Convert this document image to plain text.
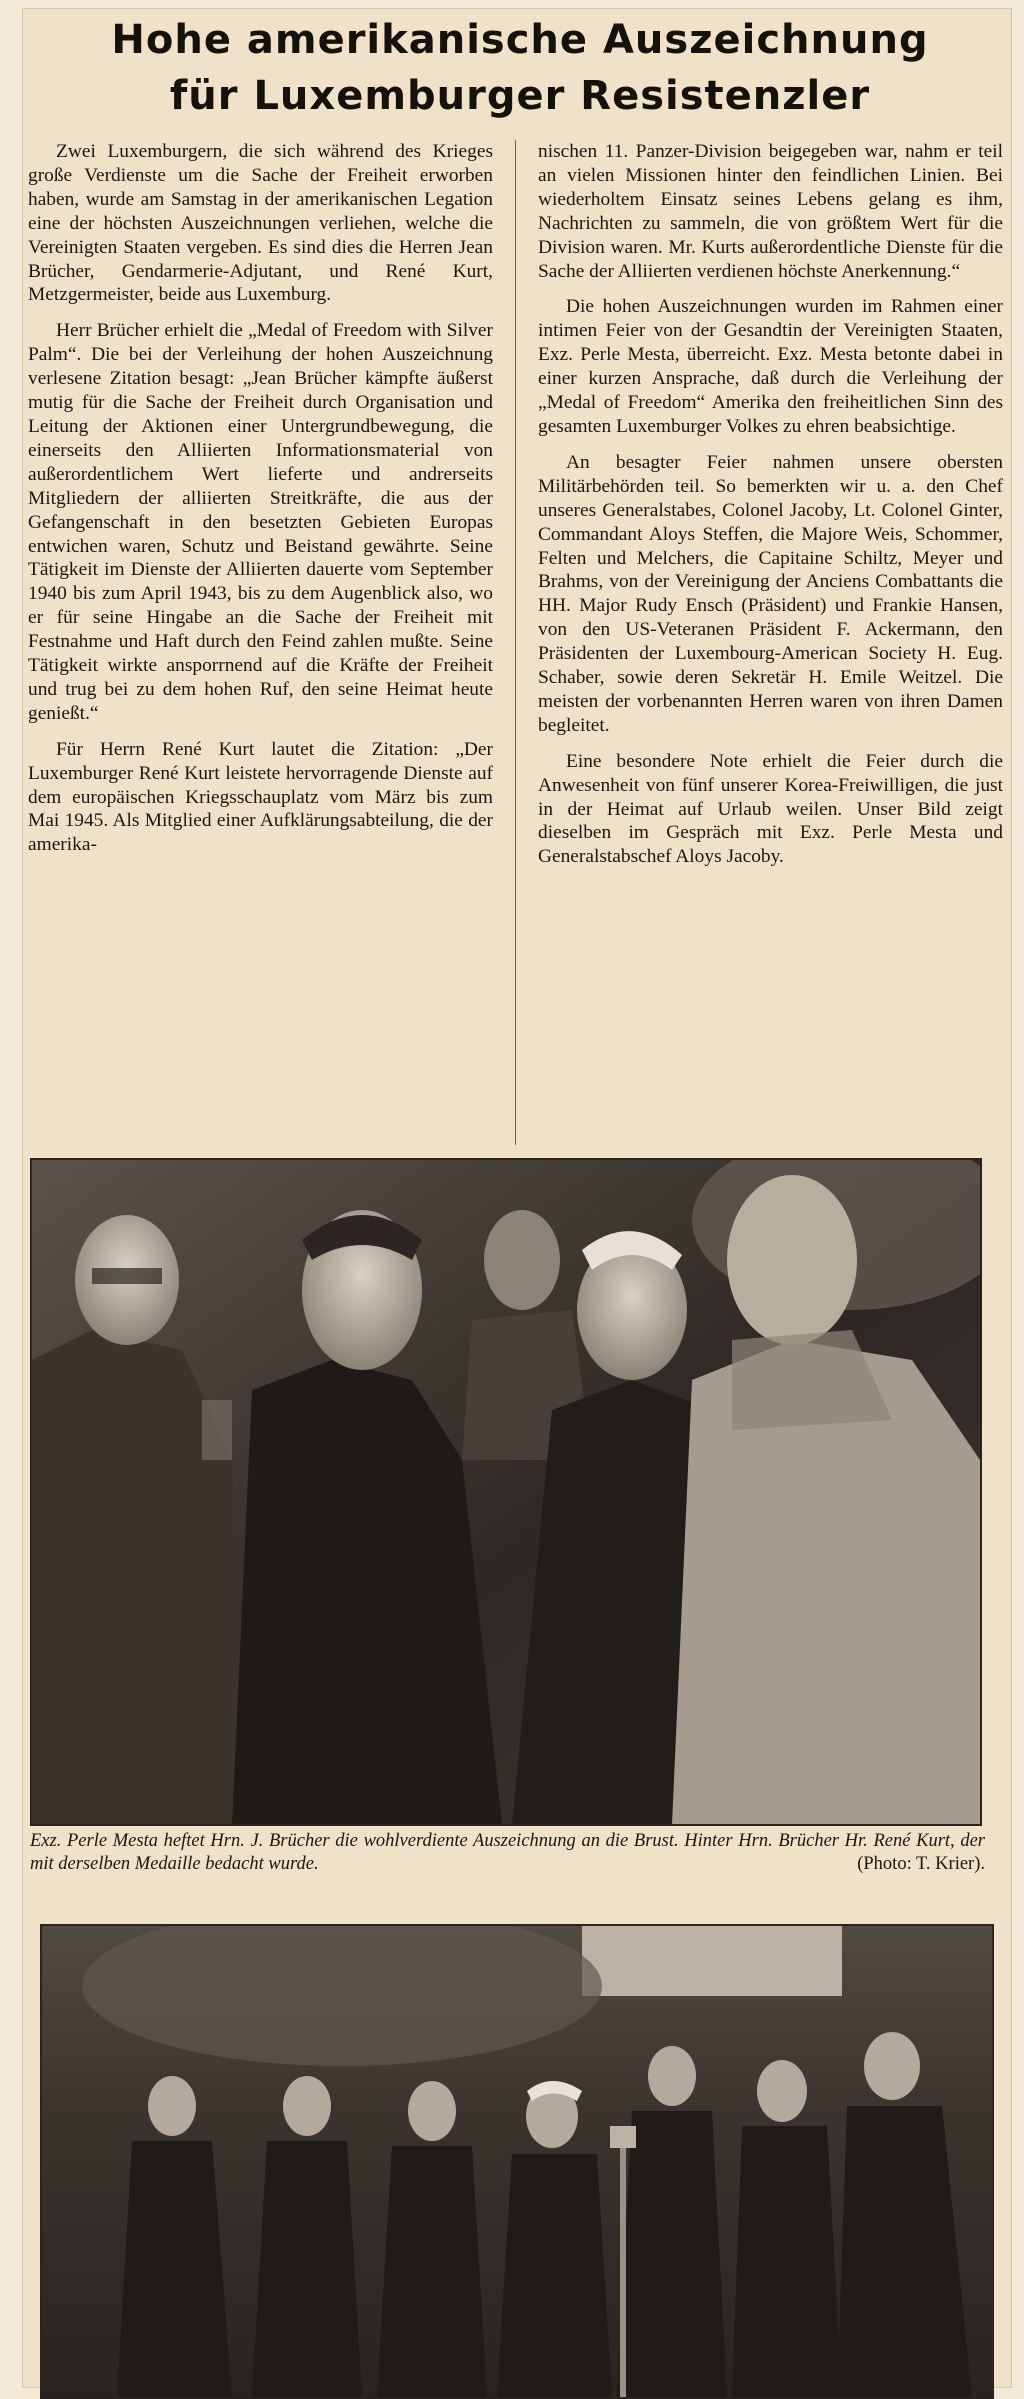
Hohe amerikanische Auszeichnung
für Luxemburger Resistenzler

Zwei Luxemburgern, die sich während des Krieges große Verdienste um die Sache der Freiheit erworben haben, wurde am Samstag in der amerikanischen Legation eine der höchsten Auszeichnungen verliehen, welche die Vereinigten Staaten vergeben. Es sind dies die Herren Jean Brücher, Gendarmerie-Adjutant, und René Kurt, Metzgermeister, beide aus Luxemburg.

Herr Brücher erhielt die „Medal of Freedom with Silver Palm“. Die bei der Verleihung der hohen Auszeichnung verlesene Zitation besagt: „Jean Brücher kämpfte äußerst mutig für die Sache der Freiheit durch Organisation und Leitung der Aktionen einer Untergrundbewegung, die einerseits den Alliierten Informationsmaterial von außerordentlichem Wert lieferte und andrerseits Mitgliedern der alliierten Streitkräfte, die aus der Gefangenschaft in den besetzten Gebieten Europas entwichen waren, Schutz und Beistand gewährte. Seine Tätigkeit im Dienste der Alliierten dauerte vom September 1940 bis zum April 1943, bis zu dem Augenblick also, wo er für seine Hingabe an die Sache der Freiheit mit Festnahme und Haft durch den Feind zahlen mußte. Seine Tätigkeit wirkte ansporrnend auf die Kräfte der Freiheit und trug bei zu dem hohen Ruf, den seine Heimat heute genießt.“

Für Herrn René Kurt lautet die Zitation: „Der Luxemburger René Kurt leistete hervorragende Dienste auf dem europäischen Kriegsschauplatz vom März bis zum Mai 1945. Als Mitglied einer Aufklärungsabteilung, die der amerika-

nischen 11. Panzer-Division beigegeben war, nahm er teil an vielen Missionen hinter den feindlichen Linien. Bei wiederholtem Einsatz seines Lebens gelang es ihm, Nachrichten zu sammeln, die von größtem Wert für die Division waren. Mr. Kurts außerordentliche Dienste für die Sache der Alliierten verdienen höchste Anerkennung.“

Die hohen Auszeichnungen wurden im Rahmen einer intimen Feier von der Gesandtin der Vereinigten Staaten, Exz. Perle Mesta, überreicht. Exz. Mesta betonte dabei in einer kurzen Ansprache, daß durch die Verleihung der „Medal of Freedom“ Amerika den freiheitlichen Sinn des gesamten Luxemburger Volkes zu ehren beabsichtige.

An besagter Feier nahmen unsere obersten Militärbehörden teil. So bemerkten wir u. a. den Chef unseres Generalstabes, Colonel Jacoby, Lt. Colonel Ginter, Commandant Aloys Steffen, die Majore Weis, Schommer, Felten und Melchers, die Capitaine Schiltz, Meyer und Brahms, von der Vereinigung der Anciens Combattants die HH. Major Rudy Ensch (Präsident) und Frankie Hansen, von den US-Veteranen Präsident F. Ackermann, den Präsidenten der Luxembourg-American Society H. Eug. Schaber, sowie deren Sekretär H. Emile Weitzel. Die meisten der vorbenannten Herren waren von ihren Damen begleitet.

Eine besondere Note erhielt die Feier durch die Anwesenheit von fünf unserer Korea-Freiwilligen, die just in der Heimat auf Urlaub weilen. Unser Bild zeigt dieselben im Gespräch mit Exz. Perle Mesta und Generalstabschef Aloys Jacoby.

Exz. Perle Mesta heftet Hrn. J. Brücher die wohlverdiente Auszeichnung an die Brust. Hinter Hrn. Brücher Hr. René Kurt, der mit derselben Medaille bedacht wurde.	(Photo: T. Krier).
